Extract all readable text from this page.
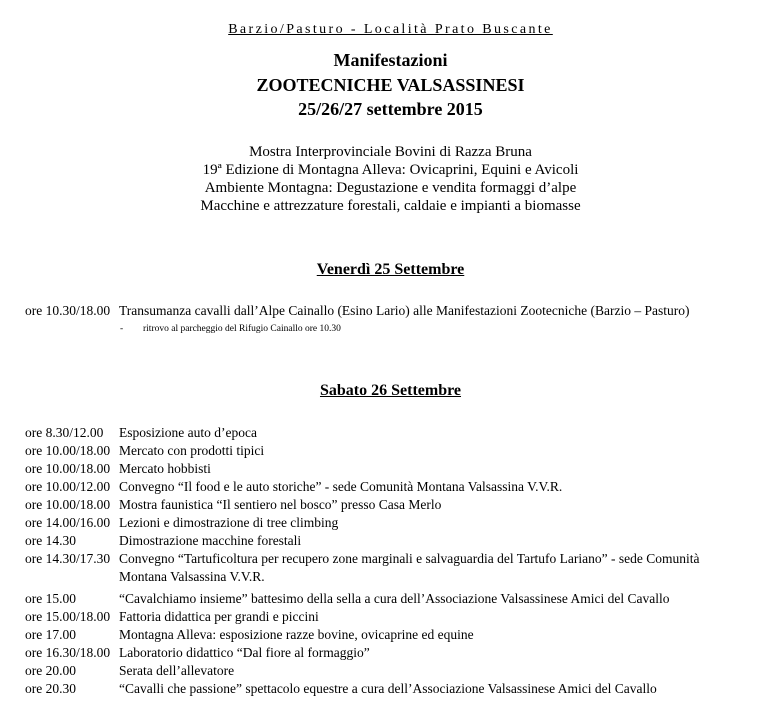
Barzio/Pasturo - Località Prato Buscante
Manifestazioni
ZOOTECNICHE VALSASSINESI
25/26/27 settembre 2015
Mostra Interprovinciale Bovini di Razza Bruna
19ª Edizione di Montagna Alleva: Ovicaprini, Equini e Avicoli
Ambiente Montagna: Degustazione e vendita formaggi d’alpe
Macchine e attrezzature forestali, caldaie e impianti a biomasse
Venerdì 25 Settembre
ore 10.30/18.00 Transumanza cavalli dall’Alpe Cainallo (Esino Lario) alle Manifestazioni Zootecniche (Barzio – Pasturo)
- ritrovo al parcheggio del Rifugio Cainallo ore 10.30
Sabato 26 Settembre
ore 8.30/12.00 Esposizione auto d’epoca
ore 10.00/18.00 Mercato con prodotti tipici
ore 10.00/18.00 Mercato hobbisti
ore 10.00/12.00 Convegno “Il food e le auto storiche” - sede Comunità Montana Valsassina V.V.R.
ore 10.00/18.00 Mostra faunistica “Il sentiero nel bosco” presso Casa Merlo
ore 14.00/16.00 Lezioni e dimostrazione di tree climbing
ore 14.30	Dimostrazione macchine forestali
ore 14.30/17.30 Convegno “Tartuficoltura per recupero zone marginali e salvaguardia del Tartufo Lariano” - sede Comunità
Montana Valsassina V.V.R.
ore 15.00	“Cavalchiamo insieme” battesimo della sella a cura dell’Associazione Valsassinese Amici del Cavallo
ore 15.00/18.00 Fattoria didattica per grandi e piccini
ore 17.00	Montagna Alleva: esposizione razze bovine, ovicaprine ed equine
ore 16.30/18.00 Laboratorio didattico “Dal fiore al formaggio”
ore 20.00	Serata dell’allevatore
ore 20.30	“Cavalli che passione” spettacolo equestre a cura dell’Associazione Valsassinese Amici del Cavallo
